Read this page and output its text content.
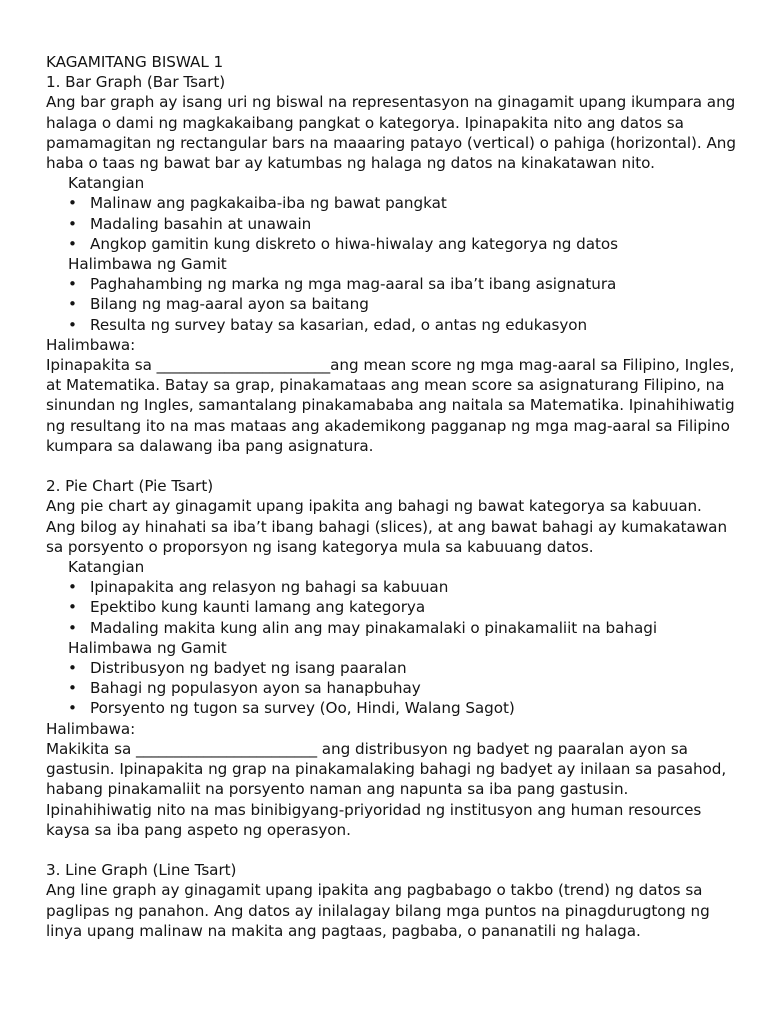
KAGAMITANG BISWAL 1

1. Bar Graph (Bar Tsart)

Ang bar graph ay isang uri ng biswal na representasyon na ginagamit upang ikumpara ang halaga o dami ng magkakaibang pangkat o kategorya. Ipinapakita nito ang datos sa pamamagitan ng rectangular bars na maaaring patayo (vertical) o pahiga (horizontal). Ang haba o taas ng bawat bar ay katumbas ng halaga ng datos na kinakatawan nito.

Katangian

• Malinaw ang pagkakaiba-iba ng bawat pangkat
• Madaling basahin at unawain
• Angkop gamitin kung diskreto o hiwa-hiwalay ang kategorya ng datos

Halimbawa ng Gamit

• Paghahambing ng marka ng mga mag-aaral sa iba’t ibang asignatura
• Bilang ng mag-aaral ayon sa baitang
• Resulta ng survey batay sa kasarian, edad, o antas ng edukasyon

Halimbawa:

Ipinapakita sa _______________________ang mean score ng mga mag-aaral sa Filipino, Ingles, at Matematika. Batay sa grap, pinakamataas ang mean score sa asignaturang Filipino, na sinundan ng Ingles, samantalang pinakamababa ang naitala sa Matematika. Ipinahihiwatig ng resultang ito na mas mataas ang akademikong pagganap ng mga mag-aaral sa Filipino kumpara sa dalawang iba pang asignatura.

2. Pie Chart (Pie Tsart)

Ang pie chart ay ginagamit upang ipakita ang bahagi ng bawat kategorya sa kabuuan. Ang bilog ay hinahati sa iba’t ibang bahagi (slices), at ang bawat bahagi ay kumakatawan sa porsyento o proporsyon ng isang kategorya mula sa kabuuang datos.

Katangian

• Ipinapakita ang relasyon ng bahagi sa kabuuan
• Epektibo kung kaunti lamang ang kategorya
• Madaling makita kung alin ang may pinakamalaki o pinakamaliit na bahagi

Halimbawa ng Gamit

• Distribusyon ng badyet ng isang paaralan
• Bahagi ng populasyon ayon sa hanapbuhay
• Porsyento ng tugon sa survey (Oo, Hindi, Walang Sagot)

Halimbawa:

Makikita sa ________________________ ang distribusyon ng badyet ng paaralan ayon sa gastusin. Ipinapakita ng grap na pinakamalaking bahagi ng badyet ay inilaan sa pasahod, habang pinakamaliit na porsyento naman ang napunta sa iba pang gastusin. Ipinahihiwatig nito na mas binibigyang-priyoridad ng institusyon ang human resources kaysa sa iba pang aspeto ng operasyon.

3. Line Graph (Line Tsart)

Ang line graph ay ginagamit upang ipakita ang pagbabago o takbo (trend) ng datos sa paglipas ng panahon. Ang datos ay inilalagay bilang mga puntos na pinagdurugtong ng linya upang malinaw na makita ang pagtaas, pagbaba, o pananatili ng halaga.
